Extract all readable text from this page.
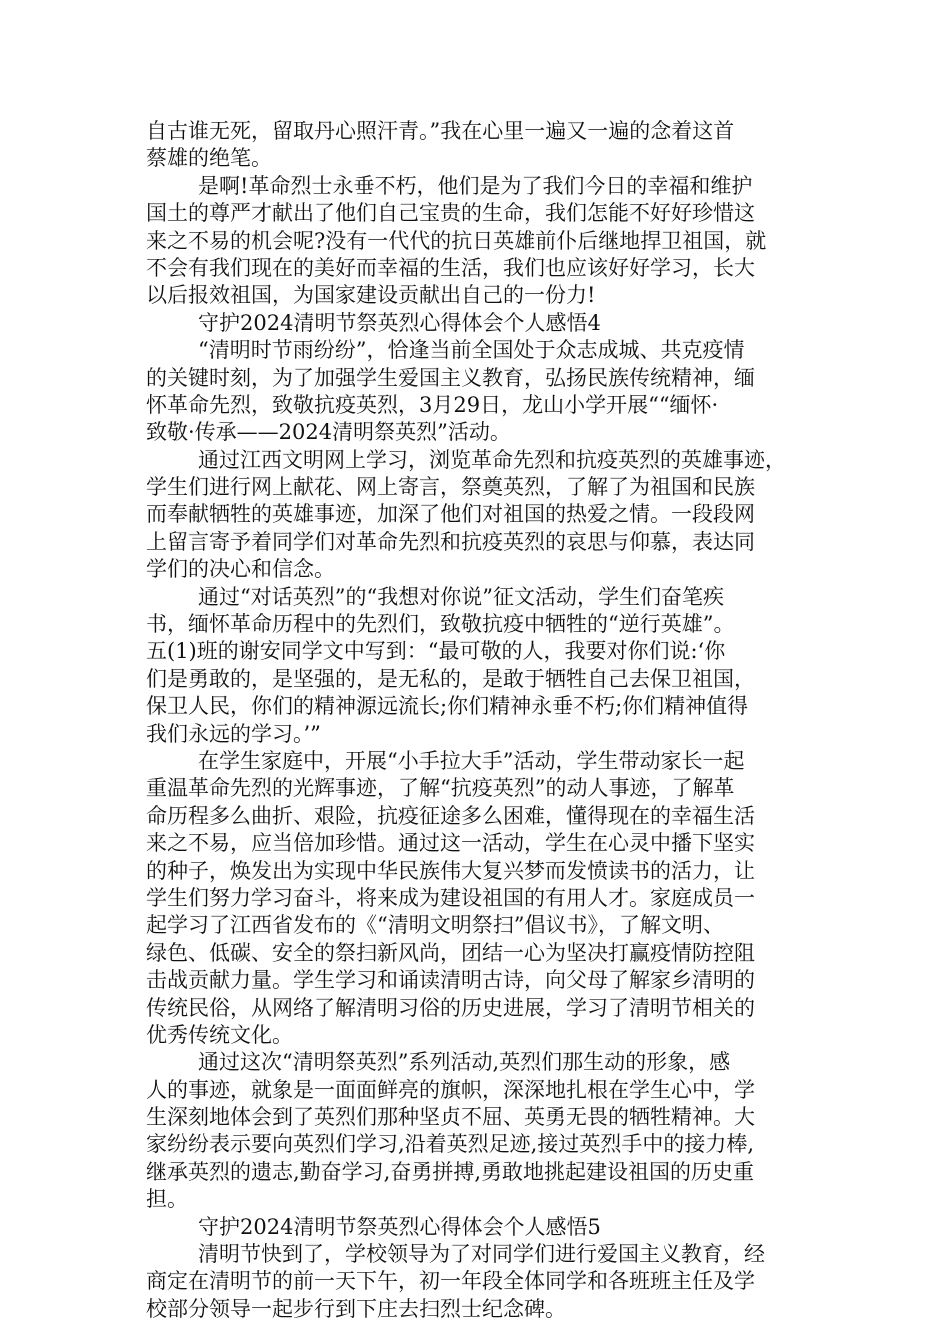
自古谁无死，留取丹心照汗青。”我在心里一遍又一遍的念着这首
蔡雄的绝笔。
是啊!革命烈士永垂不朽，他们是为了我们今日的幸福和维护
国土的尊严才献出了他们自己宝贵的生命，我们怎能不好好珍惜这
来之不易的机会呢?没有一代代的抗日英雄前仆后继地捍卫祖国，就
不会有我们现在的美好而幸福的生活，我们也应该好好学习，长大
以后报效祖国，为国家建设贡献出自己的一份力!
守护2024清明节祭英烈心得体会个人感悟4
“清明时节雨纷纷”，恰逢当前全国处于众志成城、共克疫情
的关键时刻，为了加强学生爱国主义教育，弘扬民族传统精神，缅
怀革命先烈，致敬抗疫英烈，3月29日，龙山小学开展““缅怀·
致敬·传承——2024清明祭英烈”活动。
通过江西文明网上学习，浏览革命先烈和抗疫英烈的英雄事迹，
学生们进行网上献花、网上寄言，祭奠英烈，了解了为祖国和民族
而奉献牺牲的英雄事迹，加深了他们对祖国的热爱之情。一段段网
上留言寄予着同学们对革命先烈和抗疫英烈的哀思与仰慕，表达同
学们的决心和信念。
通过“对话英烈”的“我想对你说”征文活动，学生们奋笔疾
书，缅怀革命历程中的先烈们，致敬抗疫中牺牲的“逆行英雄”。
五(1)班的谢安同学文中写到：“最可敬的人，我要对你们说:‘你
们是勇敢的，是坚强的，是无私的，是敢于牺牲自己去保卫祖国，
保卫人民，你们的精神源远流长;你们精神永垂不朽;你们精神值得
我们永远的学习。’”
在学生家庭中，开展“小手拉大手”活动，学生带动家长一起
重温革命先烈的光辉事迹，了解“抗疫英烈”的动人事迹，了解革
命历程多么曲折、艰险，抗疫征途多么困难，懂得现在的幸福生活
来之不易，应当倍加珍惜。通过这一活动，学生在心灵中播下坚实
的种子，焕发出为实现中华民族伟大复兴梦而发愤读书的活力，让
学生们努力学习奋斗，将来成为建设祖国的有用人才。家庭成员一
起学习了江西省发布的《“清明文明祭扫”倡议书》，了解文明、
绿色、低碳、安全的祭扫新风尚，团结一心为坚决打赢疫情防控阻
击战贡献力量。学生学习和诵读清明古诗，向父母了解家乡清明的
传统民俗，从网络了解清明习俗的历史进展，学习了清明节相关的
优秀传统文化。
通过这次“清明祭英烈”系列活动,英烈们那生动的形象，感
人的事迹，就象是一面面鲜亮的旗帜，深深地扎根在学生心中，学
生深刻地体会到了英烈们那种坚贞不屈、英勇无畏的牺牲精神。大
家纷纷表示要向英烈们学习,沿着英烈足迹,接过英烈手中的接力棒,
继承英烈的遗志,勤奋学习,奋勇拼搏,勇敢地挑起建设祖国的历史重
担。
守护2024清明节祭英烈心得体会个人感悟5
清明节快到了，学校领导为了对同学们进行爱国主义教育，经
商定在清明节的前一天下午，初一年段全体同学和各班班主任及学
校部分领导一起步行到下庄去扫烈士纪念碑。
